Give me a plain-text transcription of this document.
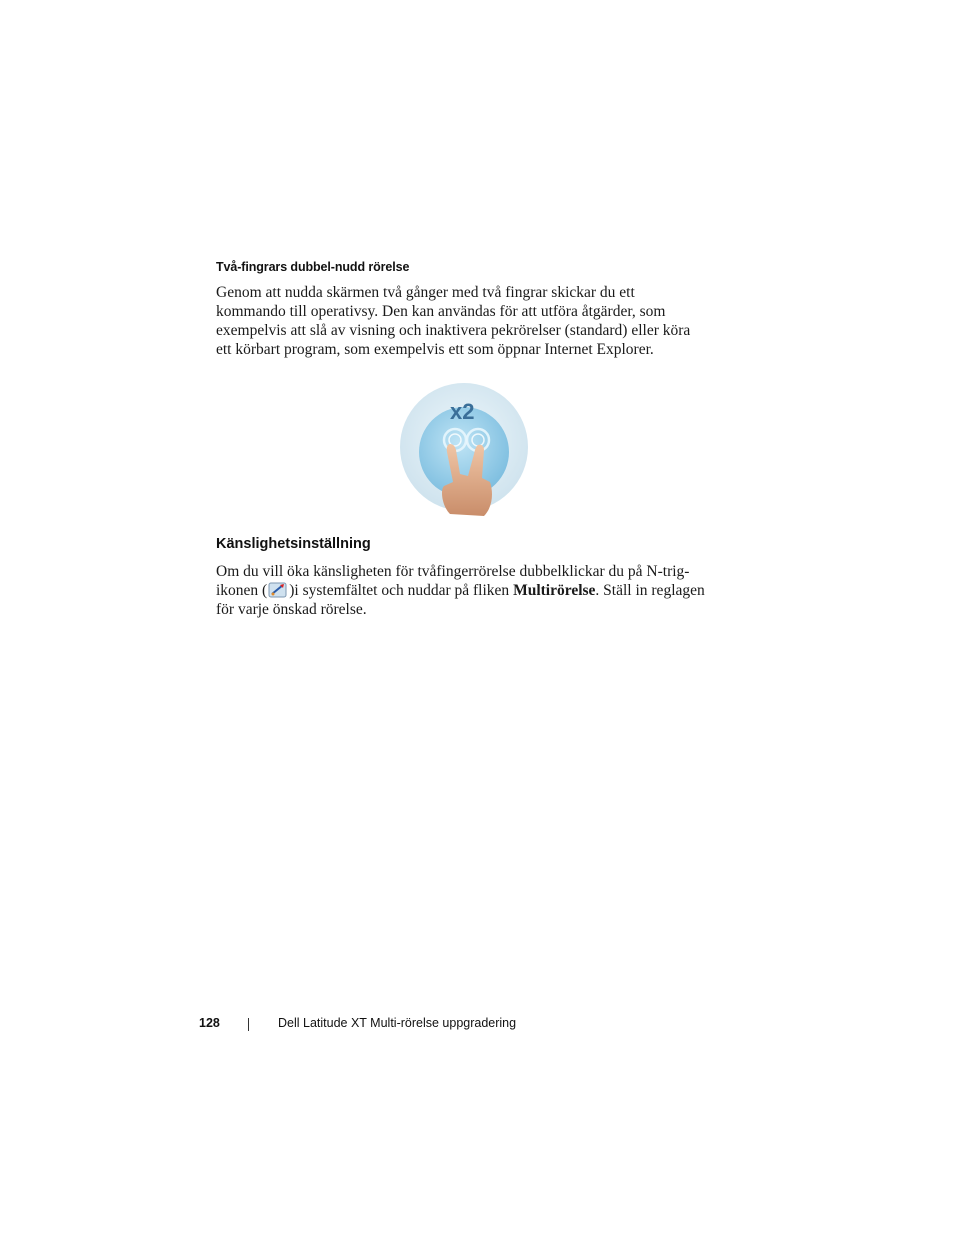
Två-fingrars dubbel-nudd rörelse
Genom att nudda skärmen två gånger med två fingrar skickar du ett
kommando till operativsy. Den kan användas för att utföra åtgärder, som
exempelvis att slå av visning och inaktivera pekrörelser (standard) eller köra
ett körbart program, som exempelvis ett som öppnar Internet Explorer.
x2
Känslighetsinställning
Om du vill öka känsligheten för tvåfingerrörelse dubbelklickar du på N-trig-
ikonen ( )i systemfältet och nuddar på fliken Multirörelse. Ställ in reglagen
för varje önskad rörelse.
128	Dell Latitude XT Multi-rörelse uppgradering
